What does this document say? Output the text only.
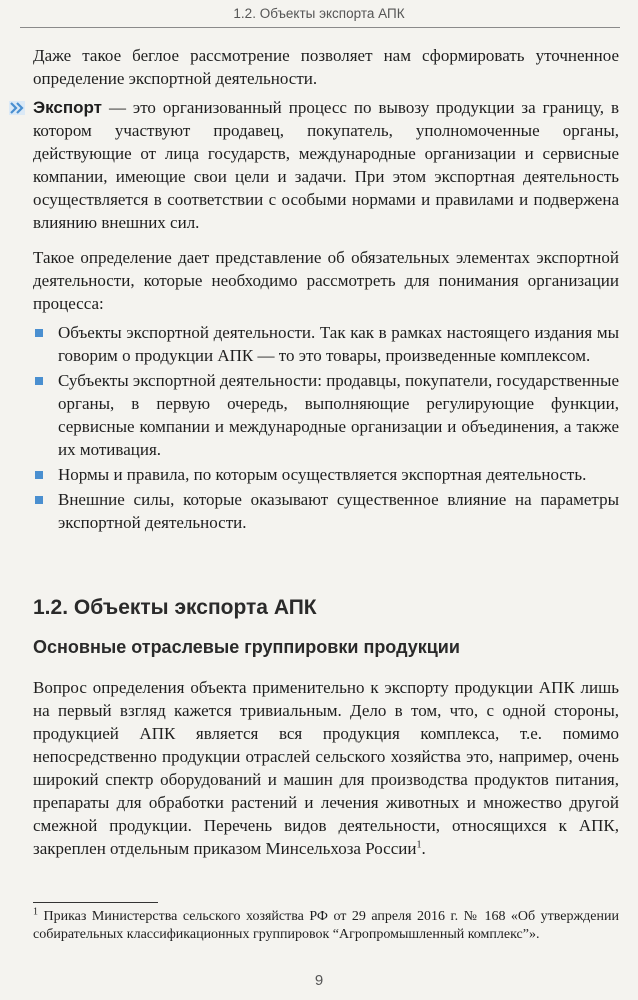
1.2. Объекты экспорта АПК

Даже такое беглое рассмотрение позволяет нам сформировать уточненное определение экспортной деятельности.

Экспорт — это организованный процесс по вывозу продукции за границу, в котором участвуют продавец, покупатель, уполномоченные органы, действующие от лица государств, международные организации и сервисные компании, имеющие свои цели и задачи. При этом экспортная деятельность осуществляется в соответствии с особыми нормами и правилами и подвержена влиянию внешних сил.

Такое определение дает представление об обязательных элементах экспортной деятельности, которые необходимо рассмотреть для понимания организации процесса:

Объекты экспортной деятельности. Так как в рамках настоящего издания мы говорим о продукции АПК — то это товары, произведенные комплексом.
Субъекты экспортной деятельности: продавцы, покупатели, государственные органы, в первую очередь, выполняющие регулирующие функции, сервисные компании и международные организации и объединения, а также их мотивация.
Нормы и правила, по которым осуществляется экспортная деятельность.
Внешние силы, которые оказывают существенное влияние на параметры экспортной деятельности.
1.2. Объекты экспорта АПК
Основные отраслевые группировки продукции

Вопрос определения объекта применительно к экспорту продукции АПК лишь на первый взгляд кажется тривиальным. Дело в том, что, с одной стороны, продукцией АПК является вся продукция комплекса, т.е. помимо непосредственно продукции отраслей сельского хозяйства это, например, очень широкий спектр оборудований и машин для производства продуктов питания, препараты для обработки растений и лечения животных и множество другой смежной продукции. Перечень видов деятельности, относящихся к АПК, закреплен отдельным приказом Минсельхоза России$^1$.

$^1$ Приказ Министерства сельского хозяйства РФ от 29 апреля 2016 г. № 168 «Об утверждении собирательных классификационных группировок “Агропромышленный комплекс”».

9
